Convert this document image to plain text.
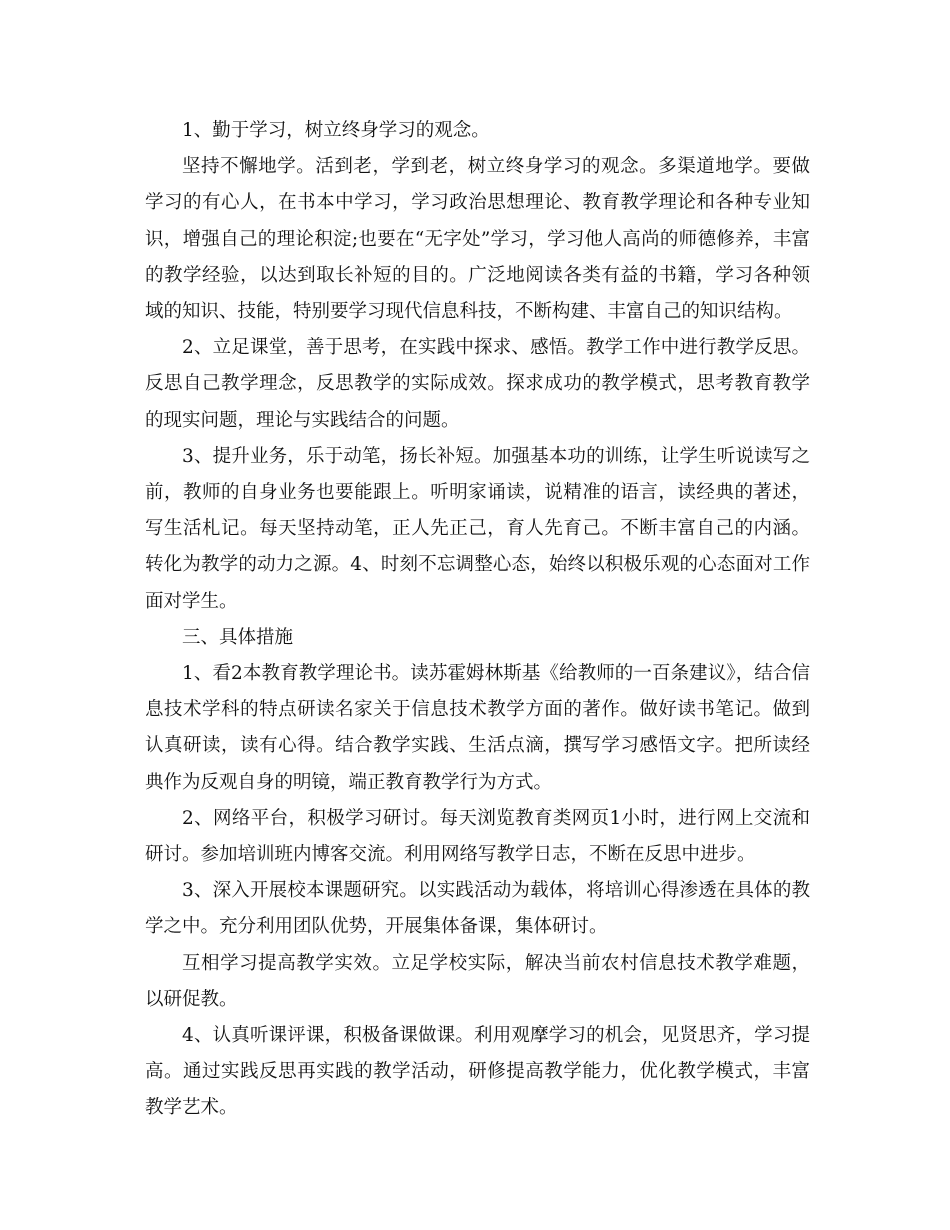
1、勤于学习，树立终身学习的观念。

坚持不懈地学。活到老，学到老，树立终身学习的观念。多渠道地学。要做学习的有心人，在书本中学习，学习政治思想理论、教育教学理论和各种专业知识，增强自己的理论积淀;也要在“无字处”学习，学习他人高尚的师德修养，丰富的教学经验，以达到取长补短的目的。广泛地阅读各类有益的书籍，学习各种领域的知识、技能，特别要学习现代信息科技，不断构建、丰富自己的知识结构。

2、立足课堂，善于思考，在实践中探求、感悟。教学工作中进行教学反思。反思自己教学理念，反思教学的实际成效。探求成功的教学模式，思考教育教学的现实问题，理论与实践结合的问题。

3、提升业务，乐于动笔，扬长补短。加强基本功的训练，让学生听说读写之前，教师的自身业务也要能跟上。听明家诵读，说精准的语言，读经典的著述，写生活札记。每天坚持动笔，正人先正己，育人先育己。不断丰富自己的内涵。转化为教学的动力之源。4、时刻不忘调整心态，始终以积极乐观的心态面对工作面对学生。

三、具体措施

1、看2本教育教学理论书。读苏霍姆林斯基《给教师的一百条建议》，结合信息技术学科的特点研读名家关于信息技术教学方面的著作。做好读书笔记。做到认真研读，读有心得。结合教学实践、生活点滴，撰写学习感悟文字。把所读经典作为反观自身的明镜，端正教育教学行为方式。

2、网络平台，积极学习研讨。每天浏览教育类网页1小时，进行网上交流和研讨。参加培训班内博客交流。利用网络写教学日志，不断在反思中进步。

3、深入开展校本课题研究。以实践活动为载体，将培训心得渗透在具体的教学之中。充分利用团队优势，开展集体备课，集体研讨。

互相学习提高教学实效。立足学校实际，解决当前农村信息技术教学难题，以研促教。

4、认真听课评课，积极备课做课。利用观摩学习的机会，见贤思齐，学习提高。通过实践反思再实践的教学活动，研修提高教学能力，优化教学模式，丰富教学艺术。
